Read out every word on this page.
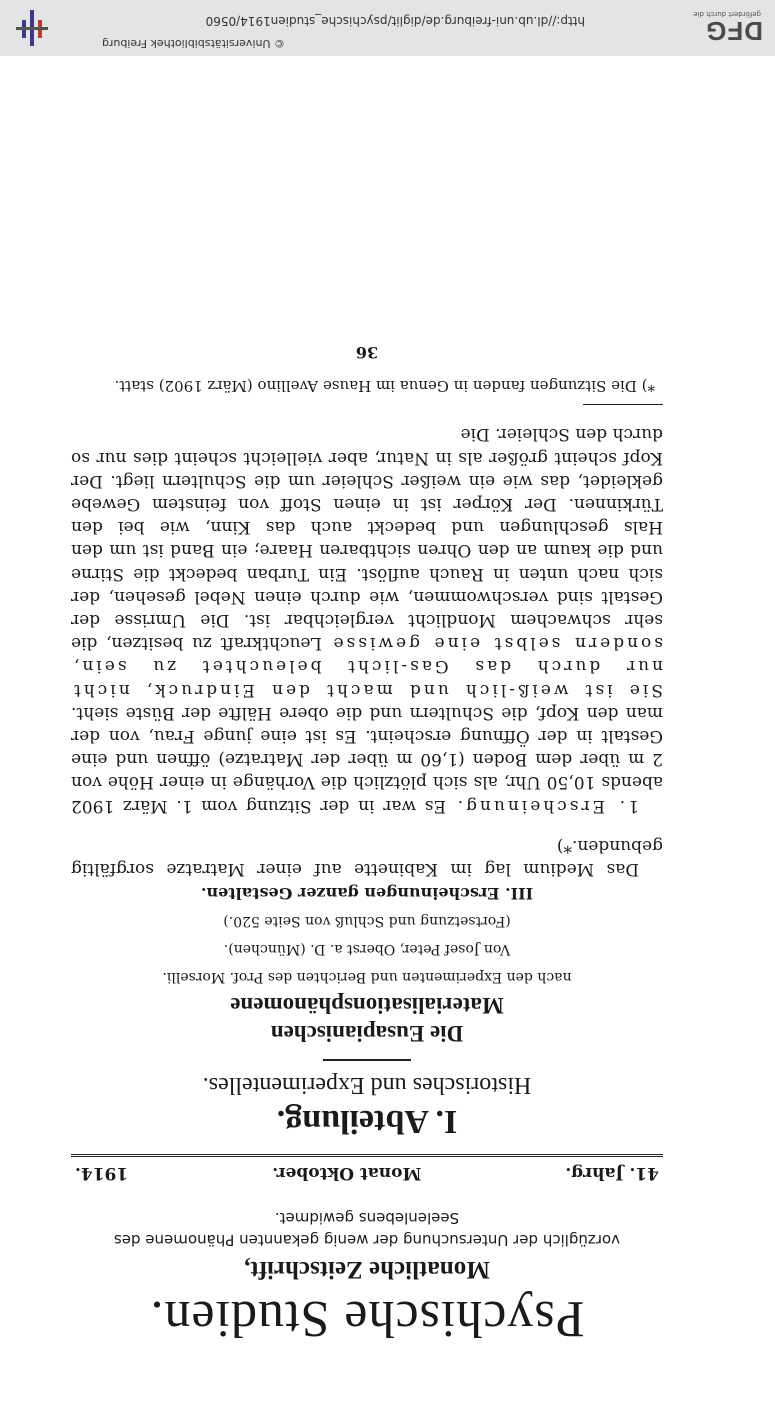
Psychische Studien.
Monatliche Zeitschrift,
vorzüglich der Untersuchung der wenig gekannten Phänomene des Seelenlebens gewidmet.
41. Jahrg.
Monat Oktober.
1914.
I. Abteilung.
Historisches und Experimentelles.
Die Eusapianischen
Materialisationsphänomene
nach den Experimenten und Berichten des Prof. Morselli.
Von Josef Peter, Oberst a. D. (München).
(Fortsetzung und Schluß von Seite 520.)
III. Erscheinungen ganzer Gestalten.

Das Medium lag im Kabinette auf einer Matratze sorgfältig gebunden.*)

1. Erscheinung. Es war in der Sitzung vom 1. März 1902 abends 10,50 Uhr, als sich plötzlich die Vorhänge in einer Höhe von 2 m über dem Boden (1,60 m über der Matratze) öffnen und eine Gestalt in der Öffnung erscheint. Es ist eine junge Frau, von der man den Kopf, die Schultern und die obere Hälfte der Büste sieht. Sie ist weiß-lich und macht den Eindruck, nicht nur durch das Gas-licht beleuchtet zu sein, sondern selbst eine gewisse Leuchtkraft zu besitzen, die sehr schwachem Mondlicht vergleichbar ist. Die Umrisse der Gestalt sind verschwommen, wie durch einen Nebel gesehen, der sich nach unten in Rauch auflöst. Ein Turban bedeckt die Stirne und die kaum an den Ohren sichtbaren Haare; ein Band ist um den Hals geschlungen und bedeckt auch das Kinn, wie bei den Türkinnen. Der Körper ist in einen Stoff von feinstem Gewebe gekleidet, das wie ein weißer Schleier um die Schultern liegt. Der Kopf scheint größer als in Natur, aber vielleicht scheint dies nur so durch den Schleier. Die

*) Die Sitzungen fanden in Genua im Hause Avellino (März 1902) statt.
36
DFG
gefördert durch die
© Universitätsbibliothek Freiburg
http://dl.ub.uni-freiburg.de/diglit/psychische_studien1914/0560
